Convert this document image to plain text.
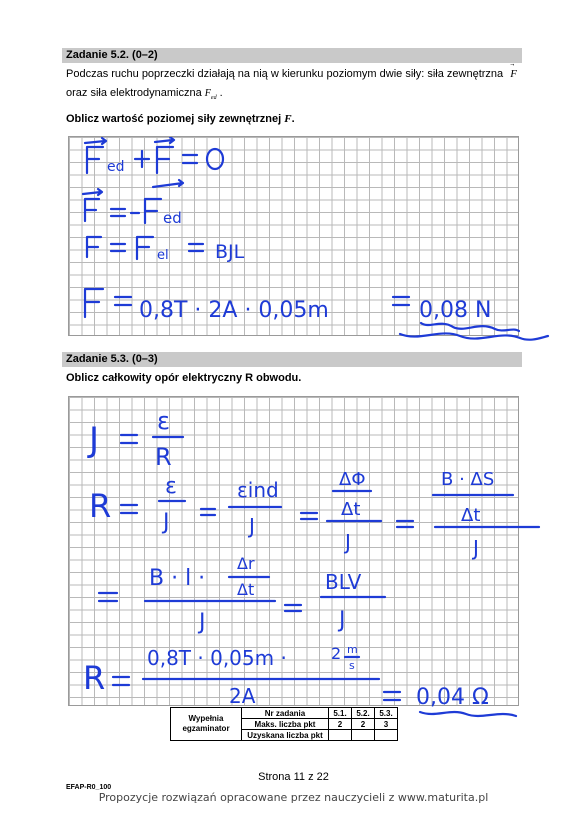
Zadanie 5.2. (0–2)
Podczas ruchu poprzeczki działają na nią w kierunku poziomym dwie siły: siła zewnętrzna F
oraz siła elektrodynamiczna $F_{ed}$ .
Oblicz wartość poziomej siły zewnętrznej F.
ed
ed
el BJL
0,8T · 2A · 0,05m	0,08 N
Zadanie 5.3. (0–3)
Oblicz całkowity opór elektryczny R obwodu.
J ε
R
R
ε
J
εind
J
ΔΦ
Δt
J
B · ΔS
Δt
J
B · l ·
Δr
Δt
J
BLV
J
R
0,8T · 0,05m ·	2 m
s
2A	0,04 Ω
Wypełnia egzaminator	Nr zadania	5.1.	5.2.	5.3.
	Maks. liczba pkt	2	2	3
	Uzyskana liczba pkt			
Strona 11 z 22
EFAP-R0_100
Propozycje rozwiązań opracowane przez nauczycieli z www.maturita.pl
